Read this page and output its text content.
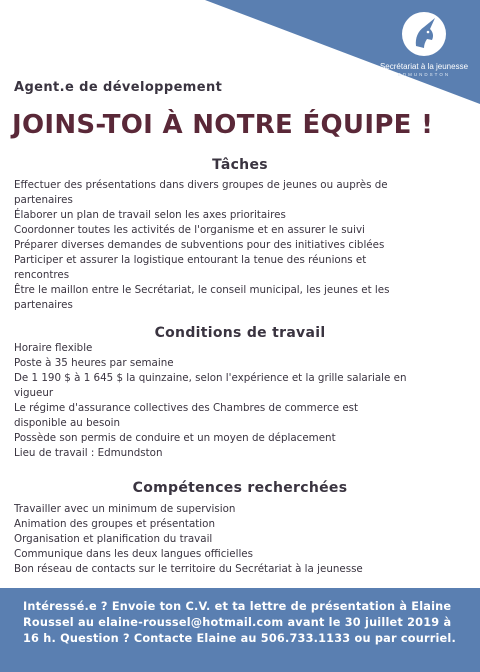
Secrétariat à la jeunesse
EDMUNDSTON
Agent.e de développement
JOINS-TOI À NOTRE ÉQUIPE !
Tâches
Effectuer des présentations dans divers groupes de jeunes ou auprès de
partenaires
Élaborer un plan de travail selon les axes prioritaires
Coordonner toutes les activités de l'organisme et en assurer le suivi
Préparer diverses demandes de subventions pour des initiatives ciblées
Participer et assurer la logistique entourant la tenue des réunions et
rencontres
Être le maillon entre le Secrétariat, le conseil municipal, les jeunes et les
partenaires
Conditions de travail
Horaire flexible
Poste à 35 heures par semaine
De 1 190 $ à 1 645 $ la quinzaine, selon l'expérience et la grille salariale en
vigueur
Le régime d'assurance collectives des Chambres de commerce est
disponible au besoin
Possède son permis de conduire et un moyen de déplacement
Lieu de travail : Edmundston
Compétences recherchées
Travailler avec un minimum de supervision
Animation des groupes et présentation
Organisation et planification du travail
Communique dans les deux langues officielles
Bon réseau de contacts sur le territoire du Secrétariat à la jeunesse
Intéressé.e ? Envoie ton C.V. et ta lettre de présentation à Elaine Roussel au elaine-roussel@hotmail.com avant le 30 juillet 2019 à 16 h. Question ? Contacte Elaine au 506.733.1133 ou par courriel.
